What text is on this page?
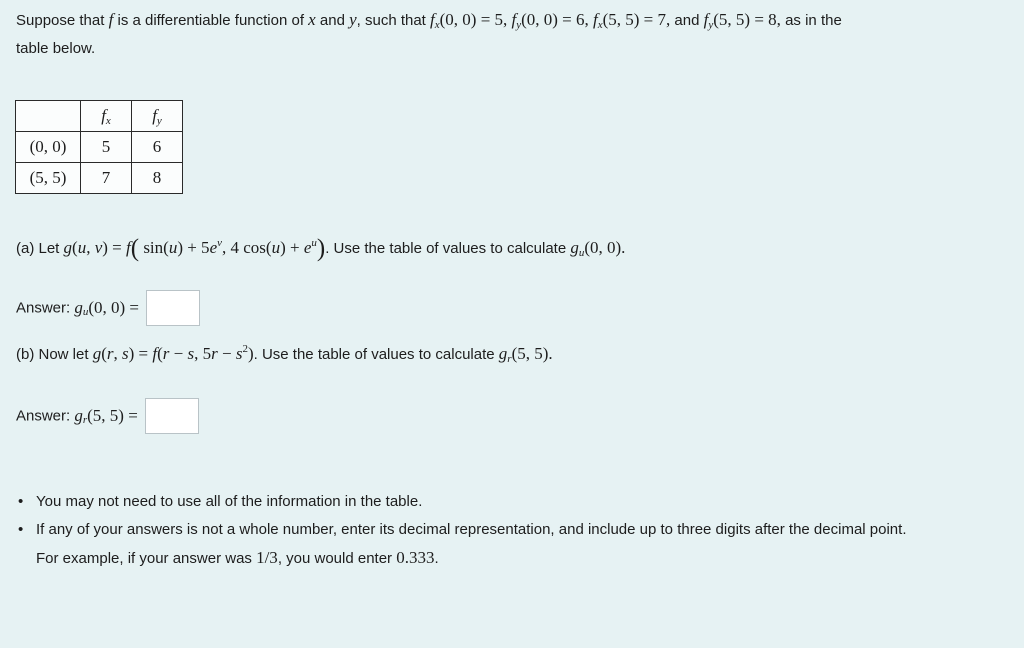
Suppose that f is a differentiable function of x and y, such that $f_x(0$, 0) = 5, $f_y(0$, 0) = 6, $f_x(5$, 5) = 7, and $f_y(5$, 5) = 8, as in the
table below.
	$f_x$	$f_y$
(0, 0)	5	6
(5, 5)	7	8
(a) Let g(u, v) = f( $\sin(u) + 5e^v$, 4 $\cos(u) + e^u$). Use the table of values to calculate $g_u(0$, 0).
Answer: $g_u(0$, 0) =
(b) Now let g(r, s) = f(r − s, $5r - s^2$). Use the table of values to calculate $g_r(5$, 5).
Answer: $g_r(5$, 5) =
• You may not need to use all of the information in the table.
• If any of your answers is not a whole number, enter its decimal representation, and include up to three digits after the decimal point.
For example, if your answer was 1/3, you would enter 0.333.
